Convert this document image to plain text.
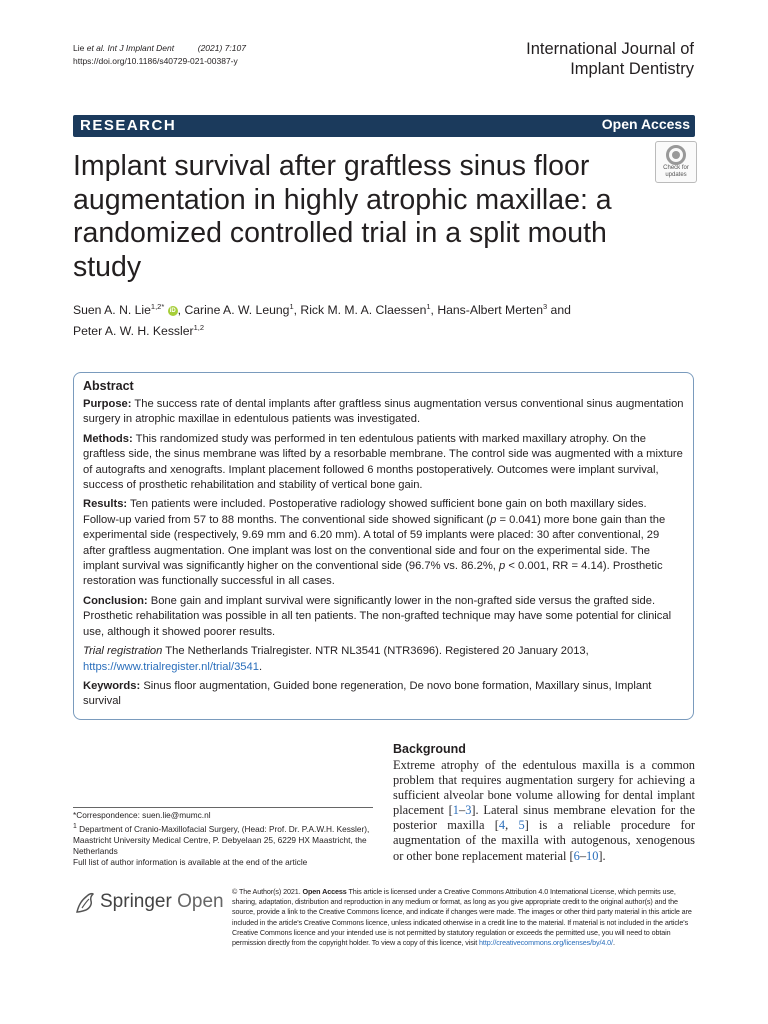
Lie et al. Int J Implant Dent	(2021) 7:107
https://doi.org/10.1186/s40729-021-00387-y
International Journal of
Implant Dentistry
RESEARCH	Open Access
Implant survival after graftless sinus floor augmentation in highly atrophic maxillae: a randomized controlled trial in a split mouth study
Check for
updates
Suen A. N. Lie$^{1,2*}$ iD , Carine A. W. Leung$^1$, Rick M. M. A. Claessen$^1$, Hans-Albert Merten$^3$ and
Peter A. W. H. Kessler$^{1,2}$
Abstract

Purpose: The success rate of dental implants after graftless sinus augmentation versus conventional sinus augmentation surgery in atrophic maxillae in edentulous patients was investigated.

Methods: This randomized study was performed in ten edentulous patients with marked maxillary atrophy. On the graftless side, the sinus membrane was lifted by a resorbable membrane. The control side was augmented with a mixture of autografts and xenografts. Implant placement followed 6 months postoperatively. Outcomes were implant survival, success of prosthetic rehabilitation and stability of vertical bone gain.

Results: Ten patients were included. Postoperative radiology showed sufficient bone gain on both maxillary sides. Follow-up varied from 57 to 88 months. The conventional side showed significant (p = 0.041) more bone gain than the experimental side (respectively, 9.69 mm and 6.20 mm). A total of 59 implants were placed: 30 after conventional, 29 after graftless augmentation. One implant was lost on the conventional side and four on the experimental side. The implant survival was significantly higher on the conventional side (96.7% vs. 86.2%, p < 0.001, RR = 4.14). Prosthetic restoration was functionally successful in all cases.

Conclusion: Bone gain and implant survival were significantly lower in the non-grafted side versus the grafted side. Prosthetic rehabilitation was possible in all ten patients. The non-grafted technique may have some potential for clinical use, although it showed poorer results.

Trial registration The Netherlands Trialregister. NTR NL3541 (NTR3696). Registered 20 January 2013, https://www.trialregister.nl/trial/3541.

Keywords: Sinus floor augmentation, Guided bone regeneration, De novo bone formation, Maxillary sinus, Implant survival

Background
Extreme atrophy of the edentulous maxilla is a common problem that requires augmentation surgery for achieving a sufficient alveolar bone volume allowing for dental implant placement [1–3]. Lateral sinus membrane elevation for the posterior maxilla [4, 5] is a reliable procedure for augmentation of the maxilla with autogenous, xenogenous or other bone replacement material [6–10].
*Correspondence: suen.lie@mumc.nl
$^1$ Department of Cranio-Maxillofacial Surgery, (Head: Prof. Dr. P.A.W.H. Kessler), Maastricht University Medical Centre, P. Debyelaan 25, 6229 HX Maastricht, the Netherlands
Full list of author information is available at the end of the article
Springer Open © The Author(s) 2021. Open Access This article is licensed under a Creative Commons Attribution 4.0 International License, which permits use, sharing, adaptation, distribution and reproduction in any medium or format, as long as you give appropriate credit to the original author(s) and the source, provide a link to the Creative Commons licence, and indicate if changes were made. The images or other third party material in this article are included in the article's Creative Commons licence, unless indicated otherwise in a credit line to the material. If material is not included in the article's Creative Commons licence and your intended use is not permitted by statutory regulation or exceeds the permitted use, you will need to obtain permission directly from the copyright holder. To view a copy of this licence, visit http://creativecommons.org/licenses/by/4.0/.
